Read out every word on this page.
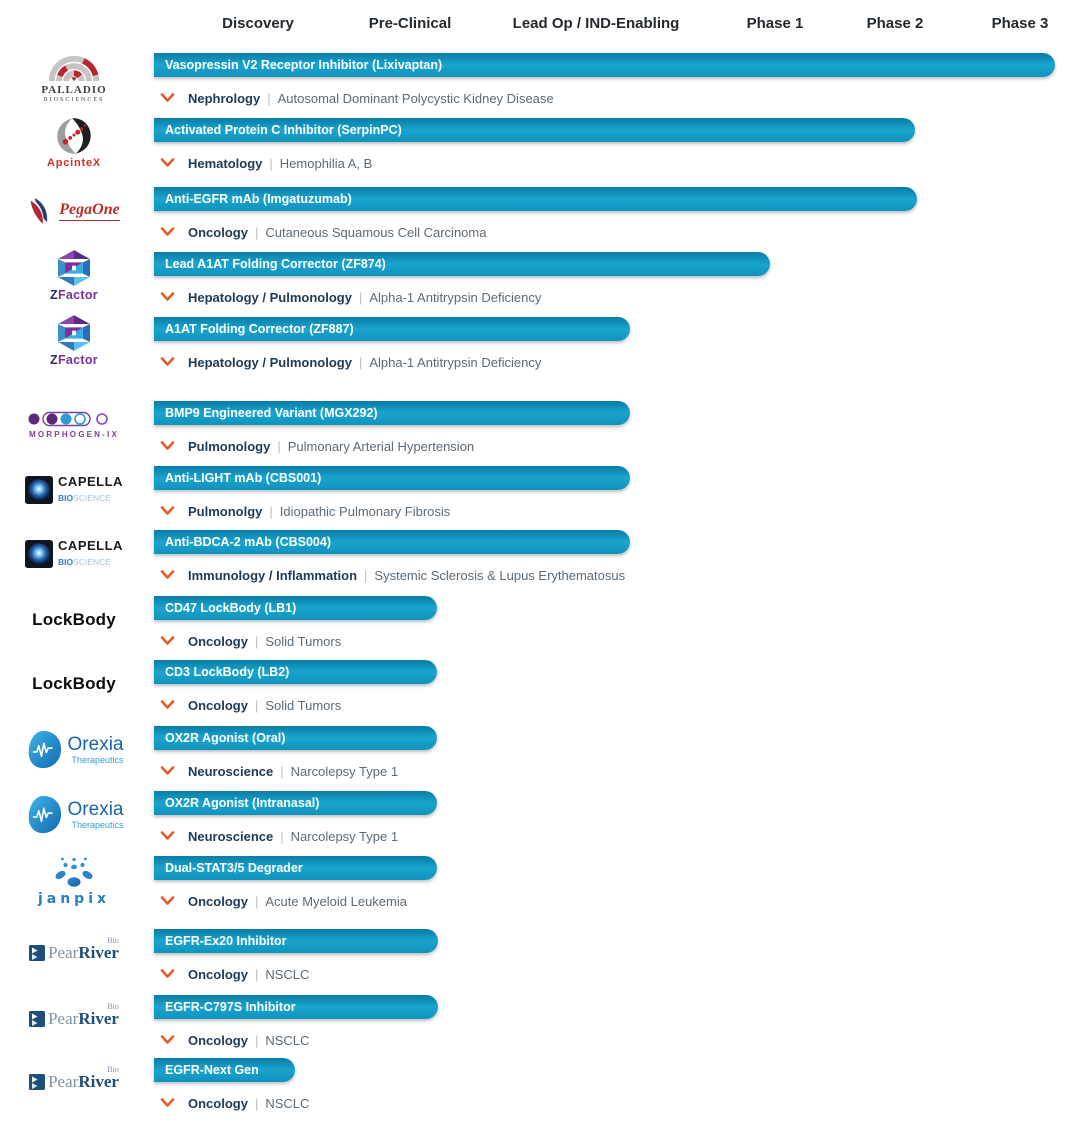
Discovery	Pre-Clinical	Lead Op / IND-Enabling	Phase 1	Phase 2	Phase 3
PALLADIO
BIOSCIENCES
Vasopressin V2 Receptor Inhibitor (Lixivaptan)
Nephrology | Autosomal Dominant Polycystic Kidney Disease
ApcinteX
Activated Protein C Inhibitor (SerpinPC)
Hematology | Hemophilia A, B
PegaOne
Anti-EGFR mAb (Imgatuzumab)
Oncology | Cutaneous Squamous Cell Carcinoma
ZFactor
Lead A1AT Folding Corrector (ZF874)
Hepatology / Pulmonology | Alpha-1 Antitrypsin Deficiency
ZFactor
A1AT Folding Corrector (ZF887)
Hepatology / Pulmonology | Alpha-1 Antitrypsin Deficiency
MORPHOGEN-IX
BMP9 Engineered Variant (MGX292)
Pulmonology | Pulmonary Arterial Hypertension
CAPELLA
BIOSCIENCE
Anti-LIGHT mAb (CBS001)
Pulmonolgy | Idiopathic Pulmonary Fibrosis
CAPELLA
BIOSCIENCE
Anti-BDCA-2 mAb (CBS004)
Immunology / Inflammation | Systemic Sclerosis & Lupus Erythematosus
LockBody
CD47 LockBody (LB1)
Oncology | Solid Tumors
LockBody
CD3 LockBody (LB2)
Oncology | Solid Tumors
Orexia
Therapeutics
OX2R Agonist (Oral)
Neuroscience | Narcolepsy Type 1
Orexia
Therapeutics
OX2R Agonist (Intranasal)
Neuroscience | Narcolepsy Type 1
janpix
Dual-STAT3/5 Degrader
Oncology | Acute Myeloid Leukemia
PearRiver
Bio	EGFR-Ex20 Inhibitor
Oncology | NSCLC
PearRiver
Bio	EGFR-C797S Inhibitor
Oncology | NSCLC
PearRiver
Bio	EGFR-Next Gen
Oncology | NSCLC
